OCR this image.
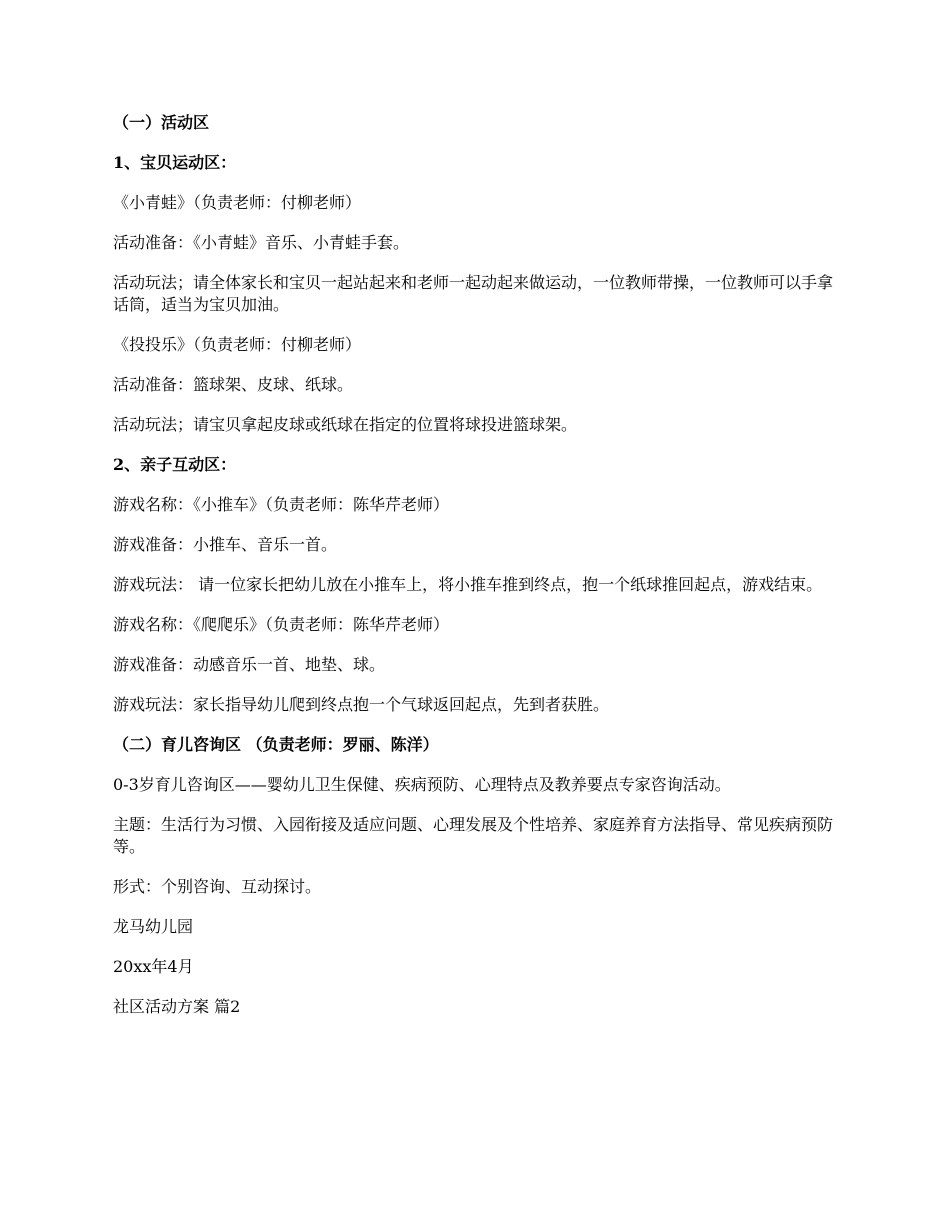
（一）活动区

1、宝贝运动区：

《小青蛙》（负责老师：付柳老师）

活动准备：《小青蛙》音乐、小青蛙手套。

活动玩法；请全体家长和宝贝一起站起来和老师一起动起来做运动，一位教师带操，一位教师可以手拿话筒，适当为宝贝加油。

《投投乐》（负责老师：付柳老师）

活动准备：篮球架、皮球、纸球。

活动玩法；请宝贝拿起皮球或纸球在指定的位置将球投进篮球架。

2、亲子互动区：

游戏名称：《小推车》（负责老师：陈华芹老师）

游戏准备：小推车、音乐一首。

游戏玩法： 请一位家长把幼儿放在小推车上，将小推车推到终点，抱一个纸球推回起点，游戏结束。

游戏名称：《爬爬乐》（负责老师：陈华芹老师）

游戏准备：动感音乐一首、地垫、球。

游戏玩法：家长指导幼儿爬到终点抱一个气球返回起点，先到者获胜。

（二）育儿咨询区 （负责老师：罗丽、陈洋）

0-3岁育儿咨询区——婴幼儿卫生保健、疾病预防、心理特点及教养要点专家咨询活动。

主题：生活行为习惯、入园衔接及适应问题、心理发展及个性培养、家庭养育方法指导、常见疾病预防等。

形式：个别咨询、互动探讨。

龙马幼儿园

20xx年4月

社区活动方案 篇2
